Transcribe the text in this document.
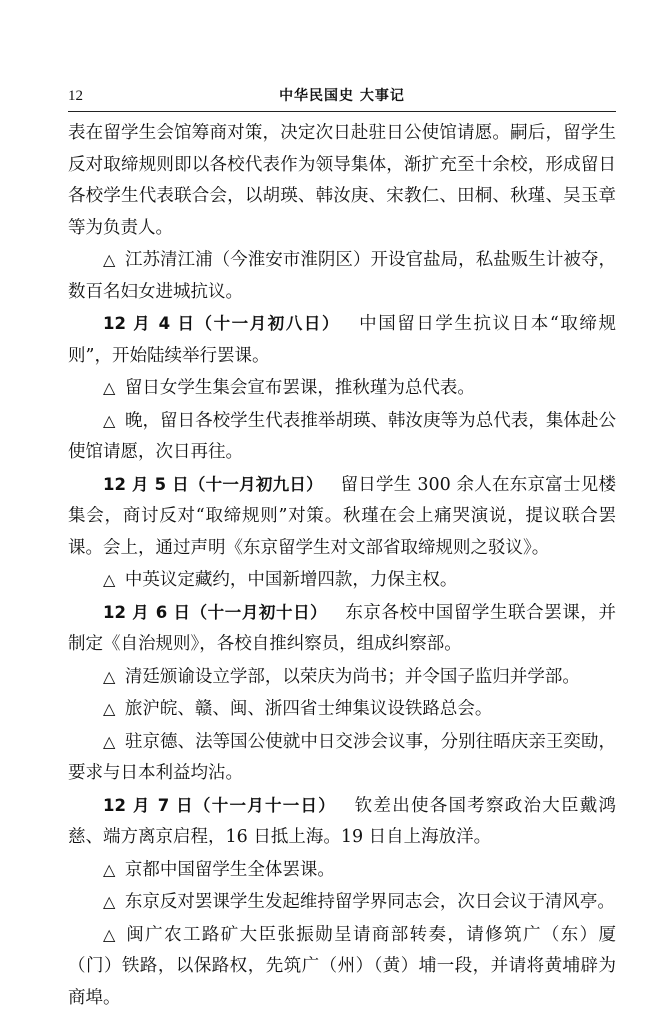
12	中华民国史 大事记

表在留学生会馆筹商对策，决定次日赴驻日公使馆请愿。嗣后，留学生反对取缔规则即以各校代表作为领导集体，渐扩充至十余校，形成留日各校学生代表联合会，以胡瑛、韩汝庚、宋教仁、田桐、秋瑾、吴玉章等为负责人。

△ 江苏清江浦（今淮安市淮阴区）开设官盐局，私盐贩生计被夺，数百名妇女进城抗议。

12 月 4 日（十一月初八日）  中国留日学生抗议日本“取缔规则”，开始陆续举行罢课。

△ 留日女学生集会宣布罢课，推秋瑾为总代表。

△ 晚，留日各校学生代表推举胡瑛、韩汝庚等为总代表，集体赴公使馆请愿，次日再往。

12 月 5 日（十一月初九日）  留日学生 300 余人在东京富士见楼集会，商讨反对“取缔规则”对策。秋瑾在会上痛哭演说，提议联合罢课。会上，通过声明《东京留学生对文部省取缔规则之驳议》。

△ 中英议定藏约，中国新增四款，力保主权。

12 月 6 日（十一月初十日）  东京各校中国留学生联合罢课，并制定《自治规则》，各校自推纠察员，组成纠察部。

△ 清廷颁谕设立学部，以荣庆为尚书；并令国子监归并学部。

△ 旅沪皖、赣、闽、浙四省士绅集议设铁路总会。

△ 驻京德、法等国公使就中日交涉会议事，分别往晤庆亲王奕劻，要求与日本利益均沾。

12 月 7 日（十一月十一日）  钦差出使各国考察政治大臣戴鸿慈、端方离京启程，16 日抵上海。19 日自上海放洋。

△ 京都中国留学生全体罢课。

△ 东京反对罢课学生发起维持留学界同志会，次日会议于清风亭。

△ 闽广农工路矿大臣张振勋呈请商部转奏，请修筑广（东）厦（门）铁路，以保路权，先筑广（州）（黄）埔一段，并请将黄埔辟为商埠。
